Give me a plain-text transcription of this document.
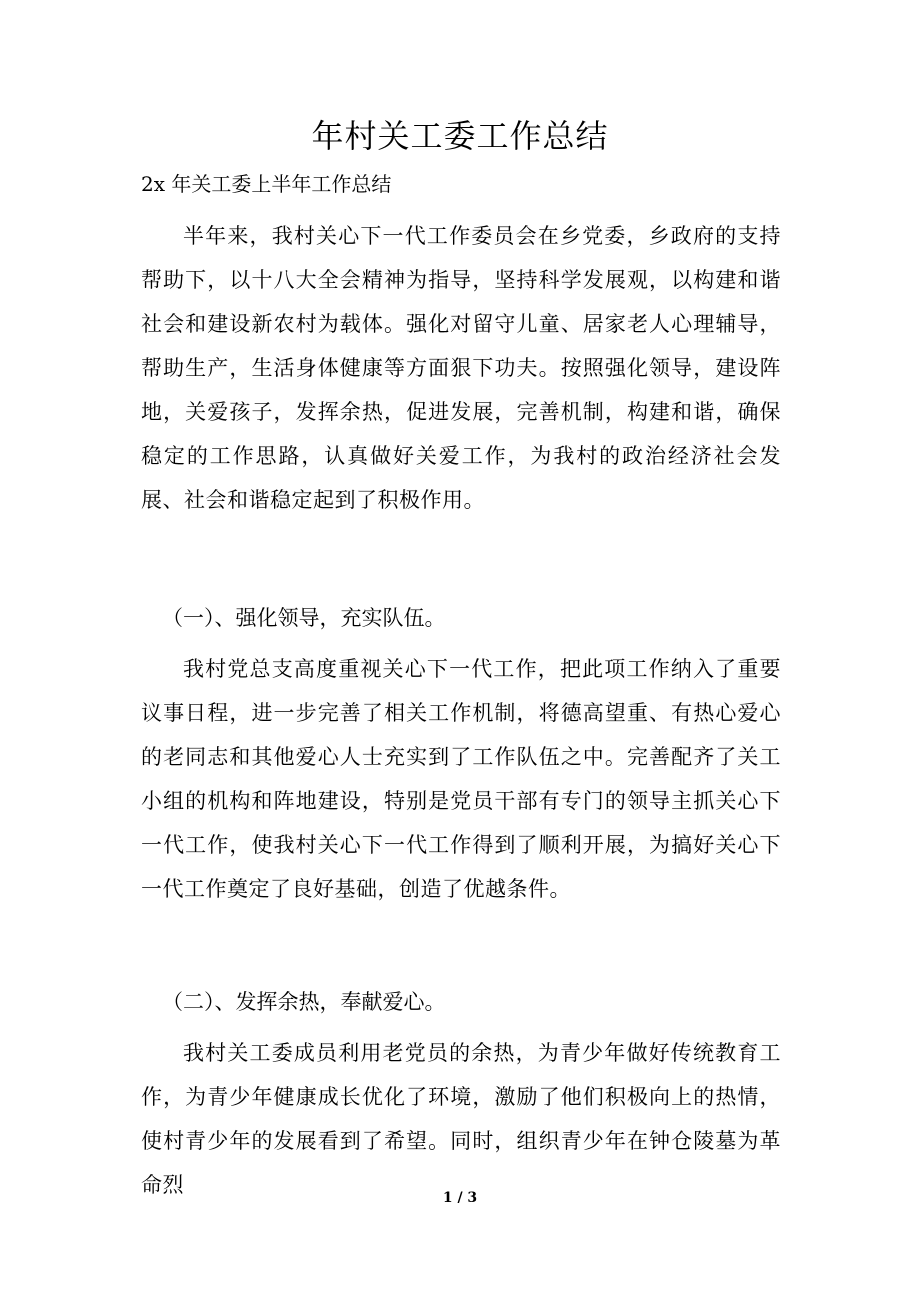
年村关工委工作总结

2x 年关工委上半年工作总结

半年来，我村关心下一代工作委员会在乡党委，乡政府的支持帮助下，以十八大全会精神为指导，坚持科学发展观，以构建和谐社会和建设新农村为载体。强化对留守儿童、居家老人心理辅导，帮助生产，生活身体健康等方面狠下功夫。按照强化领导，建设阵地，关爱孩子，发挥余热，促进发展，完善机制，构建和谐，确保稳定的工作思路，认真做好关爱工作，为我村的政治经济社会发展、社会和谐稳定起到了积极作用。

（一）、强化领导，充实队伍。

我村党总支高度重视关心下一代工作，把此项工作纳入了重要议事日程，进一步完善了相关工作机制，将德高望重、有热心爱心的老同志和其他爱心人士充实到了工作队伍之中。完善配齐了关工小组的机构和阵地建设，特别是党员干部有专门的领导主抓关心下一代工作，使我村关心下一代工作得到了顺利开展，为搞好关心下一代工作奠定了良好基础，创造了优越条件。

（二）、发挥余热，奉献爱心。

我村关工委成员利用老党员的余热，为青少年做好传统教育工作，为青少年健康成长优化了环境，激励了他们积极向上的热情，使村青少年的发展看到了希望。同时，组织青少年在钟仓陵墓为革命烈

1 / 3
